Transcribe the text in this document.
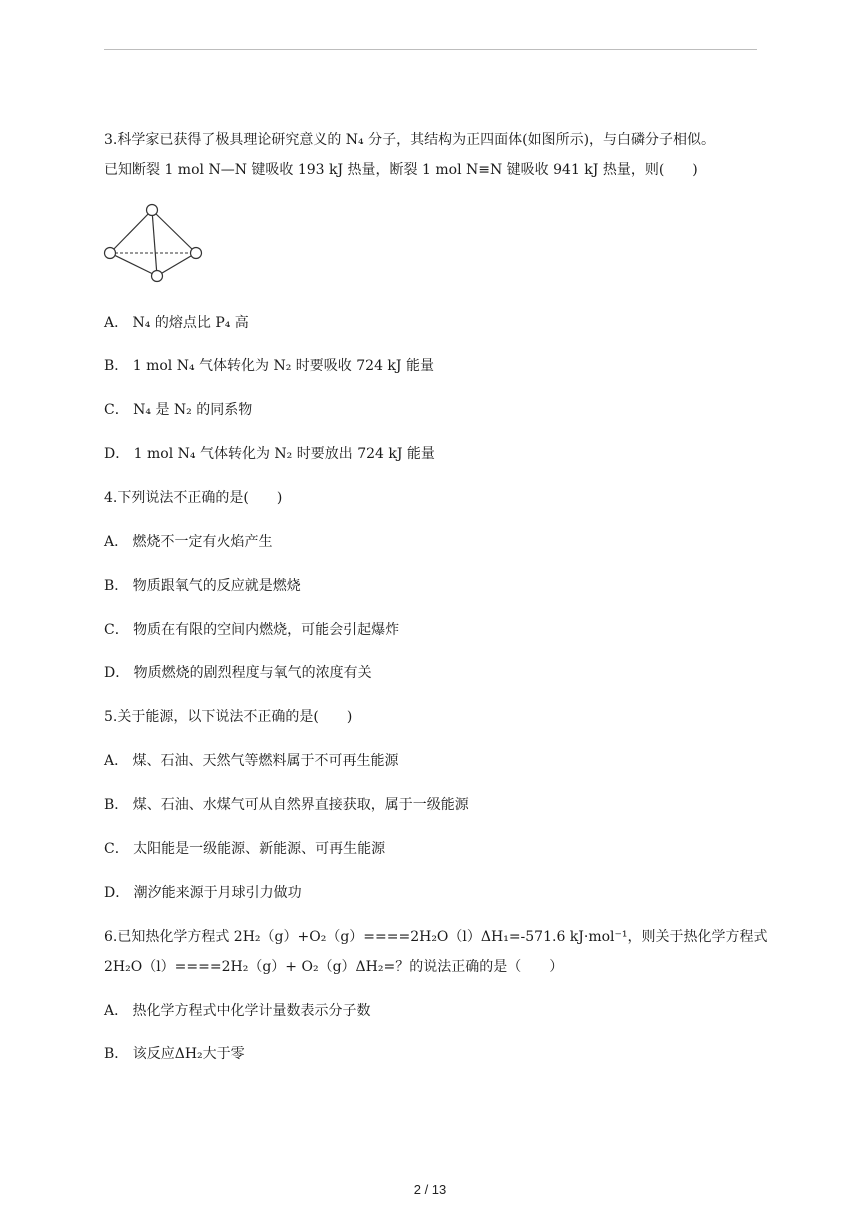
3.科学家已获得了极具理论研究意义的 N₄ 分子，其结构为正四面体(如图所示)，与白磷分子相似。
已知断裂 1 mol N—N 键吸收 193 kJ 热量，断裂 1 mol N≡N 键吸收 941 kJ 热量，则(　　)
A． N₄ 的熔点比 P₄ 高
B． 1 mol N₄ 气体转化为 N₂ 时要吸收 724 kJ 能量
C． N₄ 是 N₂ 的同系物
D． 1 mol N₄ 气体转化为 N₂ 时要放出 724 kJ 能量
4.下列说法不正确的是(　　)
A． 燃烧不一定有火焰产生
B． 物质跟氧气的反应就是燃烧
C． 物质在有限的空间内燃烧，可能会引起爆炸
D． 物质燃烧的剧烈程度与氧气的浓度有关
5.关于能源，以下说法不正确的是(　　)
A． 煤、石油、天然气等燃料属于不可再生能源
B． 煤、石油、水煤气可从自然界直接获取，属于一级能源
C． 太阳能是一级能源、新能源、可再生能源
D． 潮汐能来源于月球引力做功
6.已知热化学方程式 2H₂（g）+O₂（g）====2H₂O（l）ΔH₁=-571.6 kJ·mol⁻¹，则关于热化学方程式
2H₂O（l）====2H₂（g）+ O₂（g）ΔH₂=？的说法正确的是（　　）
A． 热化学方程式中化学计量数表示分子数
B． 该反应ΔH₂大于零
2 / 13
